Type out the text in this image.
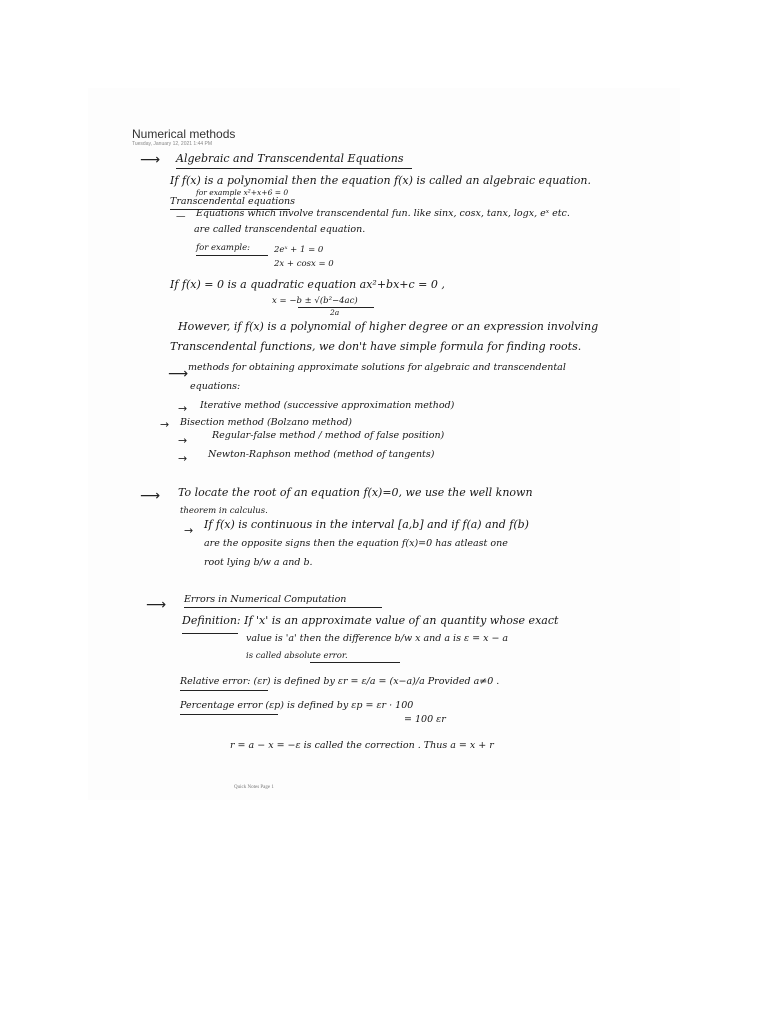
Numerical methods
Tuesday, January 12, 2021 1:44 PM
⟶ Algebraic and Transcendental Equations
If f(x) is a polynomial then the equation f(x) is called an algebraic equation.
for example x²+x+6 = 0
Transcendental equations
— Equations which involve transcendental fun. like sinx, cosx, tanx, logx, eˣ etc.
are called transcendental equation.
for example:	2eˣ + 1 = 0
2x + cosx = 0
If f(x) = 0 is a quadratic equation ax²+bx+c = 0 ,
x = −b ± √(b²−4ac)
2a
However, if f(x) is a polynomial of higher degree or an expression involving
Transcendental functions, we don't have simple formula for finding roots.
⟶ methods for obtaining approximate solutions for algebraic and transcendental
equations:
→ Iterative method (successive approximation method)
→ Bisection method (Bolzano method)
→	Regular-false method / method of false position)
→ Newton-Raphson method (method of tangents)
⟶ To locate the root of an equation f(x)=0, we use the well known
theorem in calculus.
→ If f(x) is continuous in the interval [a,b] and if f(a) and f(b)
are the opposite signs then the equation f(x)=0 has atleast one
root lying b/w a and b.
⟶ Errors in Numerical Computation
Definition: If 'x' is an approximate value of an quantity whose exact
value is 'a' then the difference b/w x and a is ε = x − a
is called absolute error.
Relative error: (εr) is defined by εr = ε/a = (x−a)/a Provided a≠0 .
Percentage error (εp) is defined by εp = εr · 100
= 100 εr
r = a − x = −ε is called the correction . Thus a = x + r
Quick Notes Page 1
